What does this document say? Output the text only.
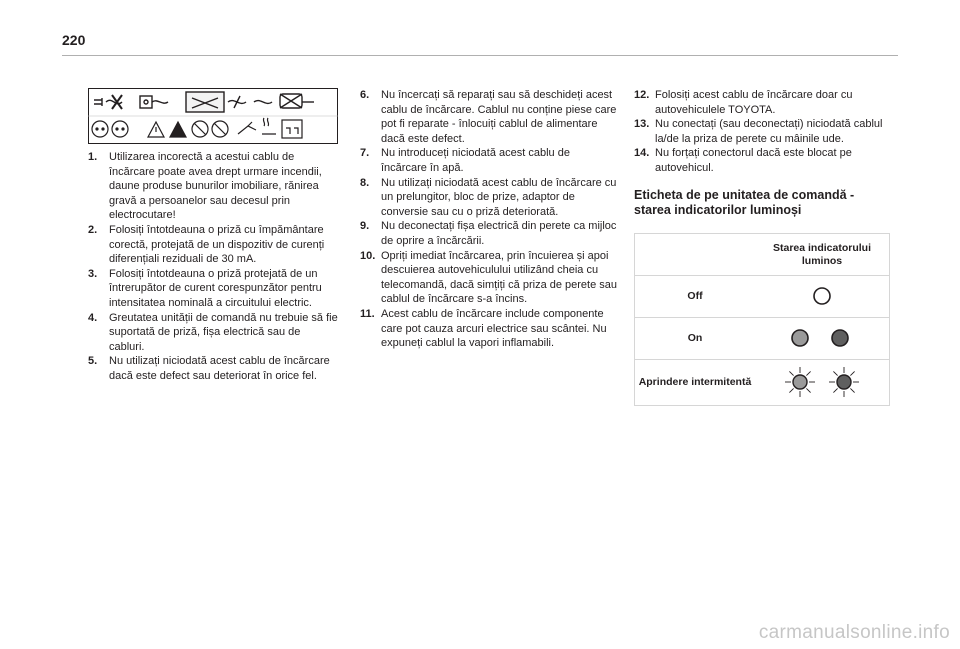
220
1. Utilizarea incorectă a acestui cablu de încărcare poate avea drept urmare incendii, daune produse bunurilor imobiliare, rănirea gravă a persoanelor sau decesul prin electrocutare!
2. Folosiți întotdeauna o priză cu împământare corectă, protejată de un dispozitiv de curenți diferențiali reziduali de 30 mA.
3. Folosiți întotdeauna o priză protejată de un întrerupător de curent corespunzător pentru intensitatea nominală a circuitului electric.
4. Greutatea unității de comandă nu trebuie să fie suportată de priză, fișa electrică sau de cabluri.
5. Nu utilizați niciodată acest cablu de încărcare dacă este defect sau deteriorat în orice fel.
6. Nu încercați să reparați sau să deschideți acest cablu de încărcare. Cablul nu conține piese care pot fi reparate - înlocuiți cablul de alimentare dacă este defect.
7. Nu introduceți niciodată acest cablu de încărcare în apă.
8. Nu utilizați niciodată acest cablu de încărcare cu un prelungitor, bloc de prize, adaptor de conversie sau cu o priză deteriorată.
9. Nu deconectați fișa electrică din perete ca mijloc de oprire a încărcării.
10. Opriți imediat încărcarea, prin încuierea și apoi descuierea autovehiculului utilizând cheia cu telecomandă, dacă simțiți că priza de perete sau cablul de încărcare s-a încins.
11. Acest cablu de încărcare include componente care pot cauza arcuri electrice sau scântei. Nu expuneți cablul la vapori inflamabili.
12. Folosiți acest cablu de încărcare doar cu autovehiculele TOYOTA.
13. Nu conectați (sau deconectați) niciodată cablul la/de la priza de perete cu mâinile ude.
14. Nu forțați conectorul dacă este blocat pe autovehicul.
Eticheta de pe unitatea de comandă - starea indicatorilor luminoși
	Starea indicatorului luminos
Off	

On	

Aprindere intermitentă	
carmanualsonline.info
